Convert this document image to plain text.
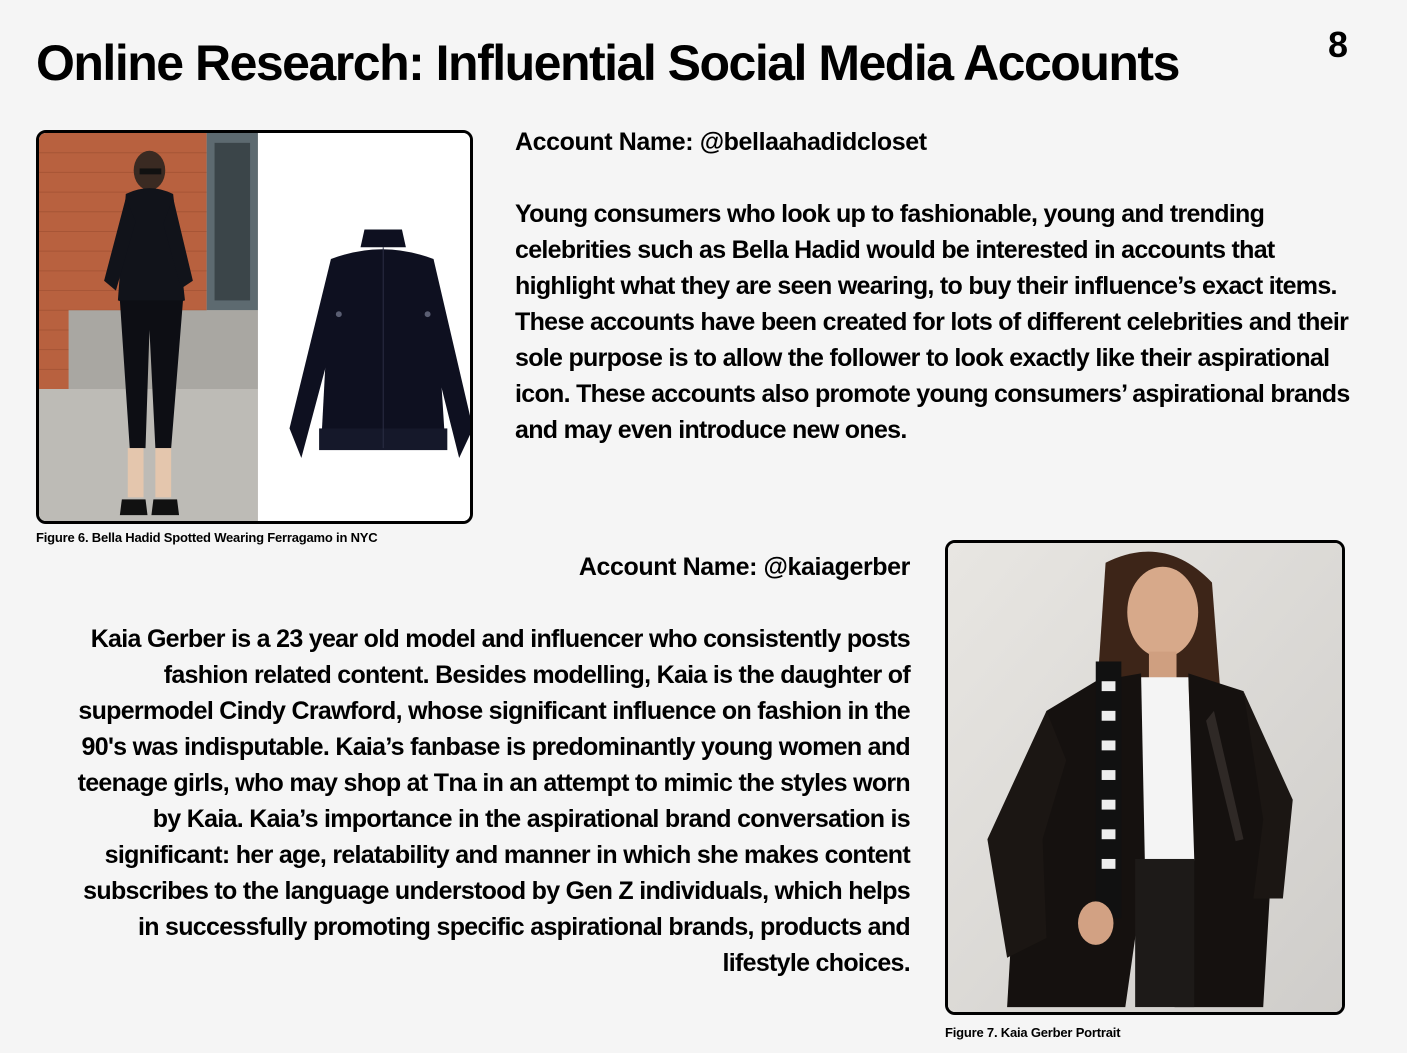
Online Research: Influential Social Media Accounts	8
Figure 6. Bella Hadid Spotted Wearing Ferragamo in NYC
Account Name: @bellaahadidcloset

Young consumers who look up to fashionable, young and trending celebrities such as Bella Hadid would be interested in accounts that highlight what they are seen wearing, to buy their influence’s exact items. These accounts have been created for lots of different celebrities and their sole purpose is to allow the follower to look exactly like their aspirational icon. These accounts also promote young consumers’ aspirational brands and may even introduce new ones.

Account Name: @kaiagerber

Kaia Gerber is a 23 year old model and influencer who consistently posts fashion related content. Besides modelling, Kaia is the daughter of supermodel Cindy Crawford, whose significant influence on fashion in the 90's was indisputable. Kaia’s fanbase is predominantly young women and teenage girls, who may shop at Tna in an attempt to mimic the styles worn by Kaia. Kaia’s importance in the aspirational brand conversation is significant: her age, relatability and manner in which she makes content subscribes to the language understood by Gen Z individuals, which helps in successfully promoting specific aspirational brands, products and lifestyle choices.

Figure 7. Kaia Gerber Portrait
